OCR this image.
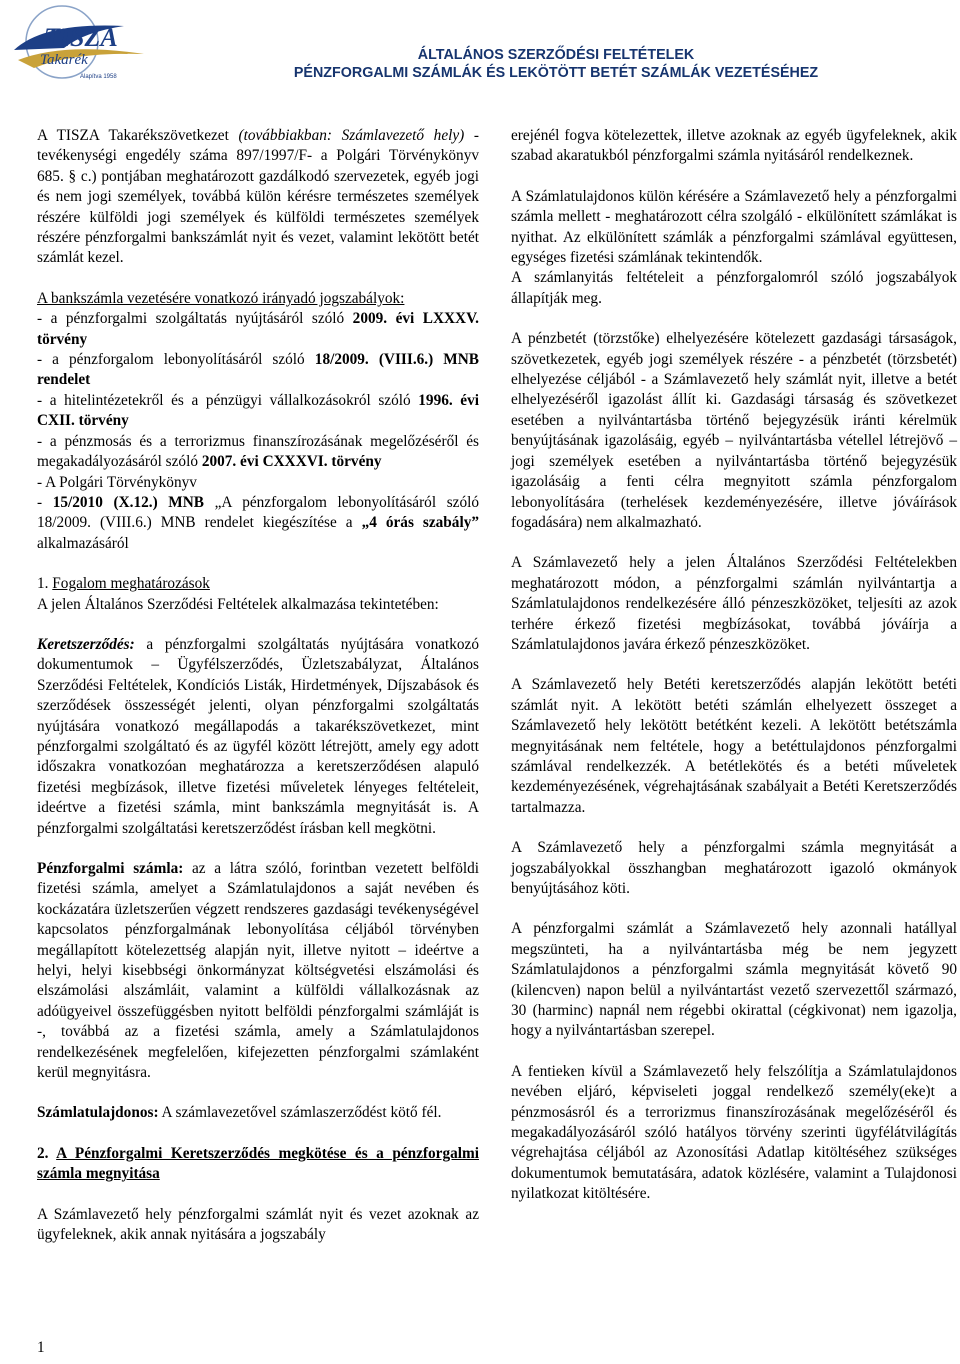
TISZA
Takarék
Alapítva 1958
ÁLTALÁNOS SZERZŐDÉSI FELTÉTELEK
PÉNZFORGALMI SZÁMLÁK ÉS LEKÖTÖTT BETÉT SZÁMLÁK VEZETÉSÉHEZ

A TISZA Takarékszövetkezet (továbbiakban: Számlavezető hely) - tevékenységi engedély száma 897/1997/F- a Polgári Törvénykönyv 685. § c.) pontjában meghatározott gazdálkodó szervezetek, egyéb jogi és nem jogi személyek, továbbá külön kérésre természetes személyek részére külföldi jogi személyek és külföldi természetes személyek részére pénzforgalmi bankszámlát nyit és vezet, valamint lekötött betét számlát kezel.

A bankszámla vezetésére vonatkozó irányadó jogszabályok:

- a pénzforgalmi szolgáltatás nyújtásáról szóló 2009. évi LXXXV. törvény

- a pénzforgalom lebonyolításáról szóló 18/2009. (VIII.6.) MNB rendelet

- a hitelintézetekről és a pénzügyi vállalkozásokról szóló 1996. évi CXII. törvény

- a pénzmosás és a terrorizmus finanszírozásának megelőzéséről és megakadályozásáról szóló 2007. évi CXXXVI. törvény

- A Polgári Törvénykönyv

- 15/2010 (X.12.) MNB „A pénzforgalom lebonyolításáról szóló 18/2009. (VIII.6.) MNB rendelet kiegészítése a „4 órás szabály” alkalmazásáról

1. Fogalom meghatározások

A jelen Általános Szerződési Feltételek alkalmazása tekintetében:

Keretszerződés: a pénzforgalmi szolgáltatás nyújtására vonatkozó dokumentumok – Ügyfélszerződés, Üzletszabályzat, Általános Szerződési Feltételek, Kondíciós Listák, Hirdetmények, Díjszabások és szerződések összességét jelenti, olyan pénzforgalmi szolgáltatás nyújtására vonatkozó megállapodás a takarékszövetkezet, mint pénzforgalmi szolgáltató és az ügyfél között létrejött, amely egy adott időszakra vonatkozóan meghatározza a keretszerződésen alapuló fizetési megbízások, illetve fizetési műveletek lényeges feltételeit, ideértve a fizetési számla, mint bankszámla megnyitását is. A pénzforgalmi szolgáltatási keretszerződést írásban kell megkötni.

Pénzforgalmi számla: az a látra szóló, forintban vezetett belföldi fizetési számla, amelyet a Számlatulajdonos a saját nevében és kockázatára üzletszerűen végzett rendszeres gazdasági tevékenységével kapcsolatos pénzforgalmának lebonyolítása céljából törvényben megállapított kötelezettség alapján nyit, illetve nyitott – ideértve a helyi, helyi kisebbségi önkormányzat költségvetési elszámolási és elszámolási alszámláit, valamint a külföldi vállalkozásnak az adóügyeivel összefüggésben nyitott belföldi pénzforgalmi számláját is -, továbbá az a fizetési számla, amely a Számlatulajdonos rendelkezésének megfelelően, kifejezetten pénzforgalmi számlaként kerül megnyitásra.

Számlatulajdonos: A számlavezetővel számlaszerződést kötő fél.

2. A Pénzforgalmi Keretszerződés megkötése és a pénzforgalmi számla megnyitása

A Számlavezető hely pénzforgalmi számlát nyit és vezet azoknak az ügyfeleknek, akik annak nyitására a jogszabály

erejénél fogva kötelezettek, illetve azoknak az egyéb ügyfeleknek, akik szabad akaratukból pénzforgalmi számla nyitásáról rendelkeznek.

A Számlatulajdonos külön kérésére a Számlavezető hely a pénzforgalmi számla mellett - meghatározott célra szolgáló - elkülönített számlákat is nyithat. Az elkülönített számlák a pénzforgalmi számlával együttesen, egységes fizetési számlának tekintendők.

A számlanyitás feltételeit a pénzforgalomról szóló jogszabályok állapítják meg.

A pénzbetét (törzstőke) elhelyezésére kötelezett gazdasági társaságok, szövetkezetek, egyéb jogi személyek részére - a pénzbetét (törzsbetét) elhelyezése céljából - a Számlavezető hely számlát nyit, illetve a betét elhelyezéséről igazolást állít ki. Gazdasági társaság és szövetkezet esetében a nyilvántartásba történő bejegyzésük iránti kérelmük benyújtásának igazolásáig, egyéb – nyilvántartásba vétellel létrejövő – jogi személyek esetében a nyilvántartásba történő bejegyzésük igazolásáig a fenti célra megnyitott számla pénzforgalom lebonyolítására (terhelések kezdeményezésére, illetve jóváírások fogadására) nem alkalmazható.

A Számlavezető hely a jelen Általános Szerződési Feltételekben meghatározott módon, a pénzforgalmi számlán nyilvántartja a Számlatulajdonos rendelkezésére álló pénzeszközöket, teljesíti az azok terhére érkező fizetési megbízásokat, továbbá jóváírja a Számlatulajdonos javára érkező pénzeszközöket.

A Számlavezető hely Betéti keretszerződés alapján lekötött betéti számlát nyit. A lekötött betéti számlán elhelyezett összeget a Számlavezető hely lekötött betétként kezeli. A lekötött betétszámla megnyitásának nem feltétele, hogy a betéttulajdonos pénzforgalmi számlával rendelkezzék. A betétlekötés és a betéti műveletek kezdeményezésének, végrehajtásának szabályait a Betéti Keretszerződés tartalmazza.

A Számlavezető hely a pénzforgalmi számla megnyitását a jogszabályokkal összhangban meghatározott igazoló okmányok benyújtásához köti.

A pénzforgalmi számlát a Számlavezető hely azonnali hatállyal megszünteti, ha a nyilvántartásba még be nem jegyzett Számlatulajdonos a pénzforgalmi számla megnyitását követő 90 (kilencven) napon belül a nyilvántartást vezető szervezettől származó, 30 (harminc) napnál nem régebbi okirattal (cégkivonat) nem igazolja, hogy a nyilvántartásban szerepel.

A fentieken kívül a Számlavezető hely felszólítja a Számlatulajdonos nevében eljáró, képviseleti joggal rendelkező személy(eke)t a pénzmosásról és a terrorizmus finanszírozásának megelőzéséről és megakadályozásáról szóló hatályos törvény szerinti ügyfélátvilágítás végrehajtása céljából az Azonosítási Adatlap kitöltéséhez szükséges dokumentumok bemutatására, adatok közlésére, valamint a Tulajdonosi nyilatkozat kitöltésére.

1
